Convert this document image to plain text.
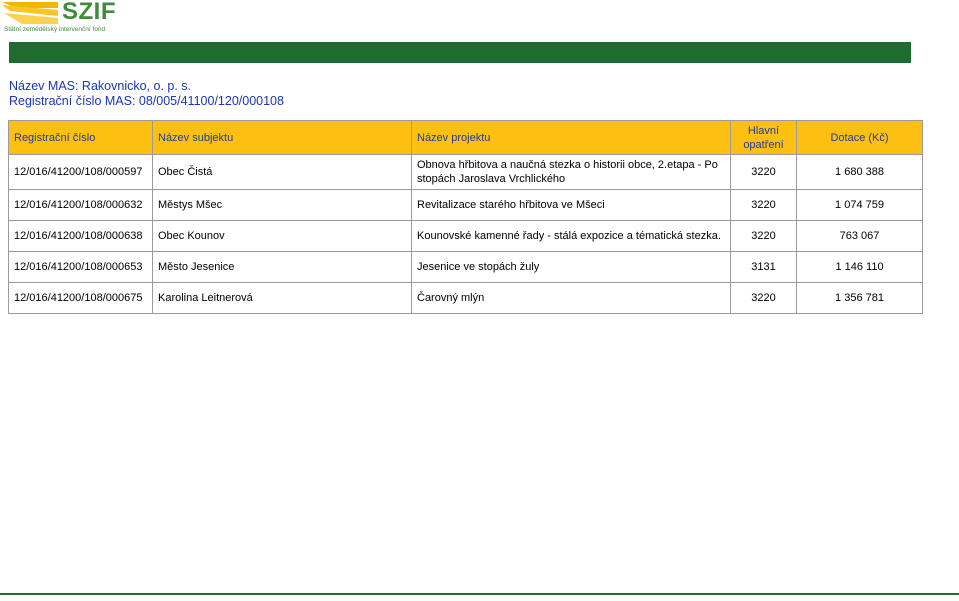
SZIF
Státní zemědělský intervenční fond
Název MAS: Rakovnicko, o. p. s.
Registrační číslo MAS: 08/005/41100/120/000108
Registrační číslo	Název subjektu	Název projektu	Hlavní opatření	Dotace (Kč)
12/016/41200/108/000597	Obec Čistá	Obnova hřbitova a naučná stezka o historii obce, 2.etapa - Po stopách Jaroslava Vrchlického	3220	1 680 388
12/016/41200/108/000632	Městys Mšec	Revitalizace starého hřbitova ve Mšeci	3220	1 074 759
12/016/41200/108/000638	Obec Kounov	Kounovské kamenné řady - stálá expozice a tématická stezka.	3220	763 067
12/016/41200/108/000653	Město Jesenice	Jesenice ve stopách žuly	3131	1 146 110
12/016/41200/108/000675	Karolina Leitnerová	Čarovný mlýn	3220	1 356 781
